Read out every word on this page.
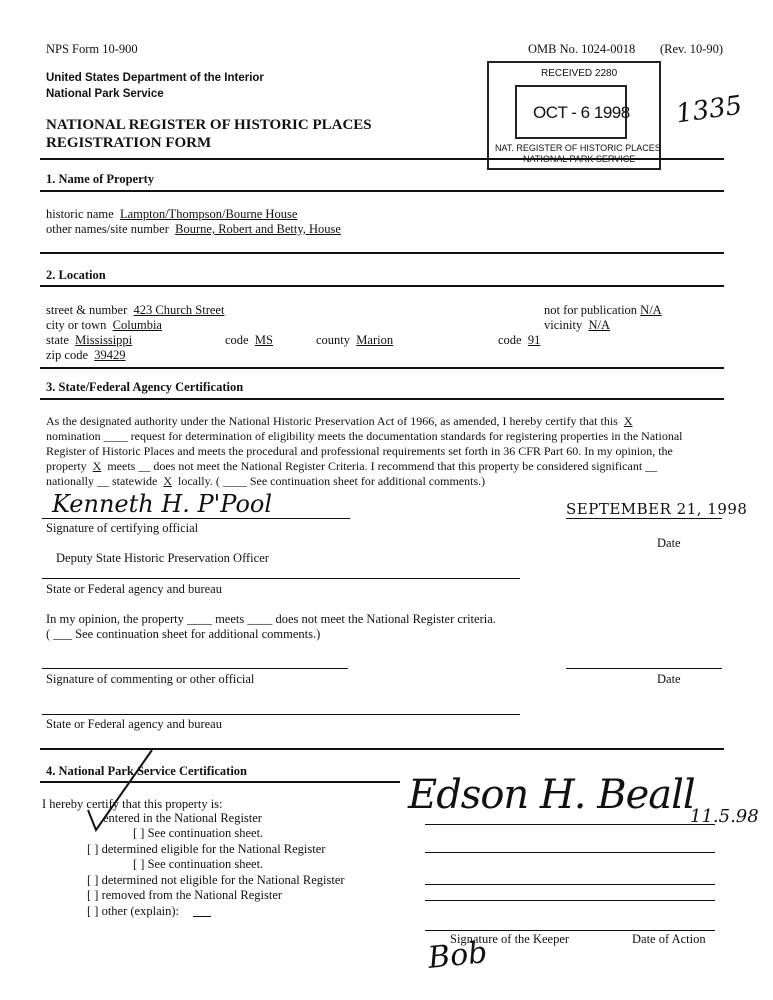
NPS Form 10-900	OMB No. 1024-0018 (Rev. 10-90)
United States Department of the Interior
National Park Service
NATIONAL REGISTER OF HISTORIC PLACES
REGISTRATION FORM
RECEIVED 2280
OCT - 6 1998
NAT. REGISTER OF HISTORIC PLACES
NATIONAL PARK SERVICE
1335
1. Name of Property
historic name Lampton/Thompson/Bourne House
other names/site number Bourne, Robert and Betty, House
2. Location
street & number 423 Church Street	not for publication N/A
city or town Columbia	vicinity N/A
state Mississippi	code MS	county Marion	code 91
zip code 39429
3. State/Federal Agency Certification
As the designated authority under the National Historic Preservation Act of 1966, as amended, I hereby certify that this X
nomination ____ request for determination of eligibility meets the documentation standards for registering properties in the National
Register of Historic Places and meets the procedural and professional requirements set forth in 36 CFR Part 60. In my opinion, the
property X meets __ does not meet the National Register Criteria. I recommend that this property be considered significant __
nationally __ statewide X locally. ( ____ See continuation sheet for additional comments.)
Kenneth H. P'Pool	SEPTEMBER 21, 1998
Signature of certifying official
Date
Deputy State Historic Preservation Officer
State or Federal agency and bureau
In my opinion, the property ____ meets ____ does not meet the National Register criteria.
( ___ See continuation sheet for additional comments.)
Signature of commenting or other official	Date
State or Federal agency and bureau
4. National Park Service Certification
I hereby certify that this property is:
entered in the National Register
[ ] See continuation sheet.
[ ] determined eligible for the National Register
[ ] See continuation sheet.
[ ] determined not eligible for the National Register
[ ] removed from the National Register
[ ] other (explain):
Edson H. Beall
11.5.98
Signature of the Keeper	Date of Action
Bob
